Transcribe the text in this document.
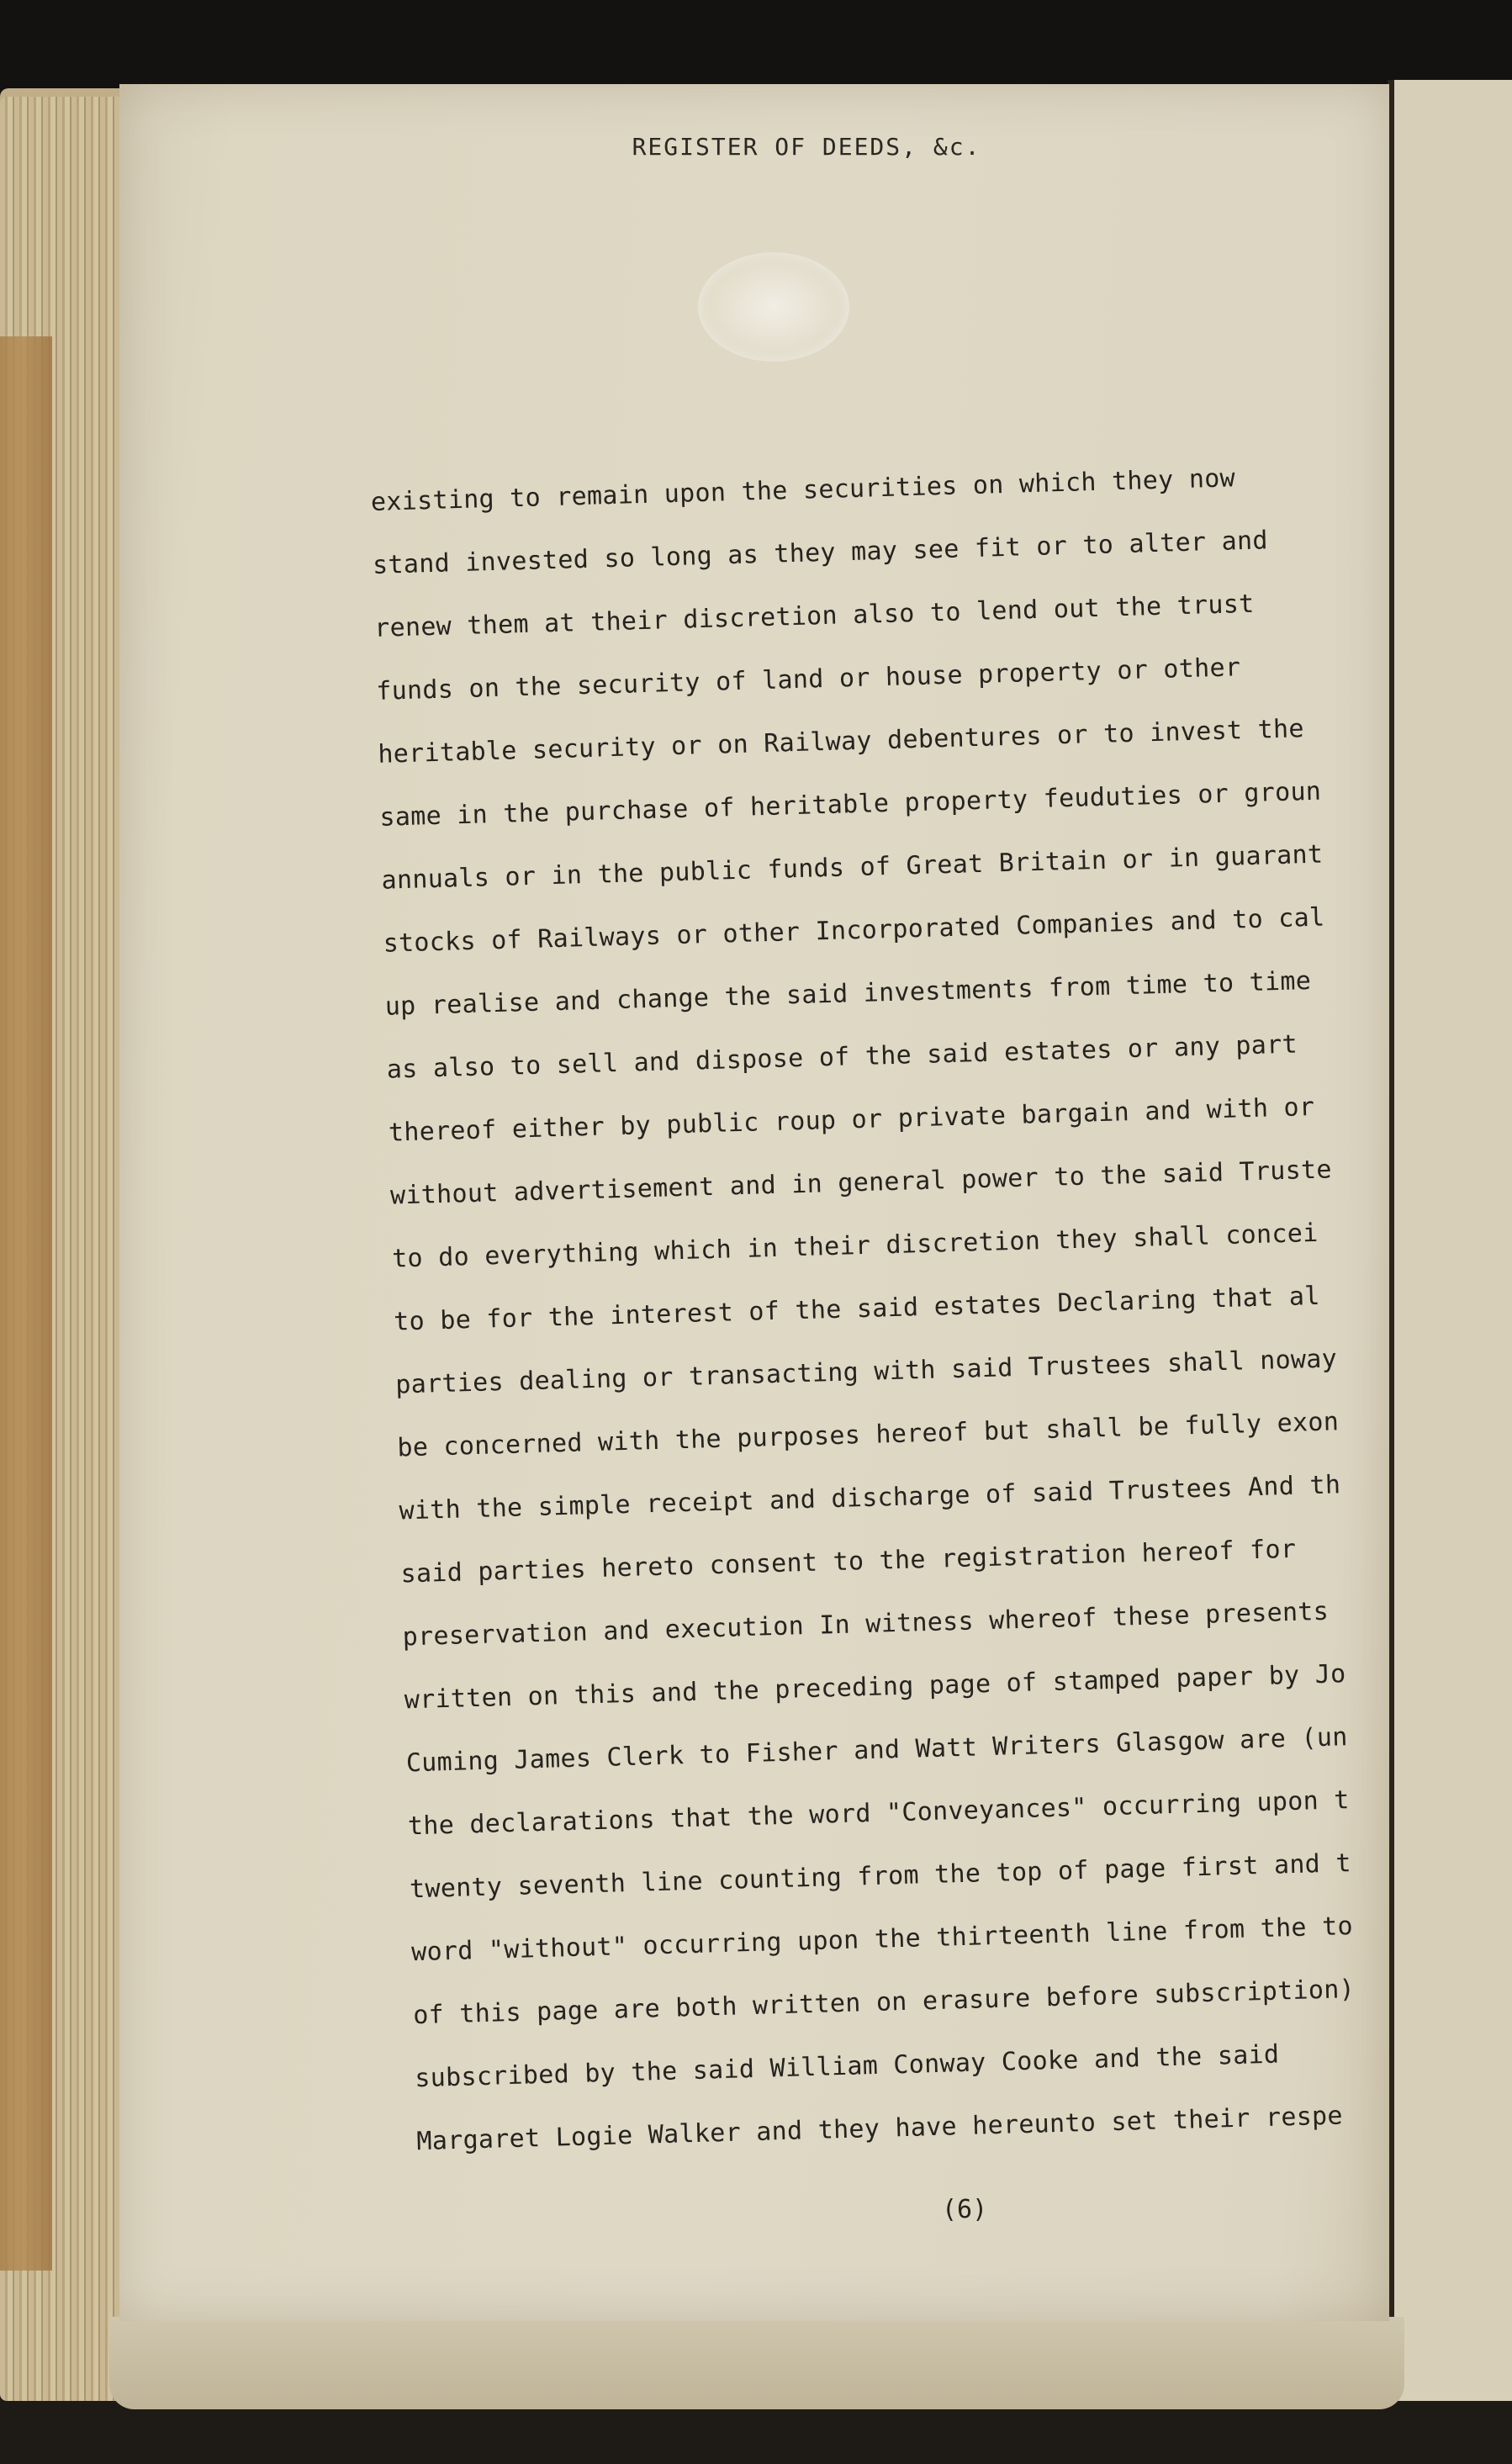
REGISTER OF DEEDS, &c.
existing to remain upon the securities on which they now
stand invested so long as they may see fit or to alter and
renew them at their discretion also to lend out the trust
funds on the security of land or house property or other
heritable security or on Railway debentures or to invest the
same in the purchase of heritable property feuduties or groun
annuals or in the public funds of Great Britain or in guarant
stocks of Railways or other Incorporated Companies and to cal
up realise and change the said investments from time to time
as also to sell and dispose of the said estates or any part
thereof either by public roup or private bargain and with or
without advertisement and in general power to the said Truste
to do everything which in their discretion they shall concei
to be for the interest of the said estates Declaring that al
parties dealing or transacting with said Trustees shall noway
be concerned with the purposes hereof but shall be fully exon
with the simple receipt and discharge of said Trustees And th
said parties hereto consent to the registration hereof for
preservation and execution In witness whereof these presents
written on this and the preceding page of stamped paper by Jo
Cuming James Clerk to Fisher and Watt Writers Glasgow are (un
the declarations that the word "Conveyances" occurring upon t
twenty seventh line counting from the top of page first and t
word "without" occurring upon the thirteenth line from the to
of this page are both written on erasure before subscription)
subscribed by the said William Conway Cooke and the said
Margaret Logie Walker and they have hereunto set their respe
(6)
